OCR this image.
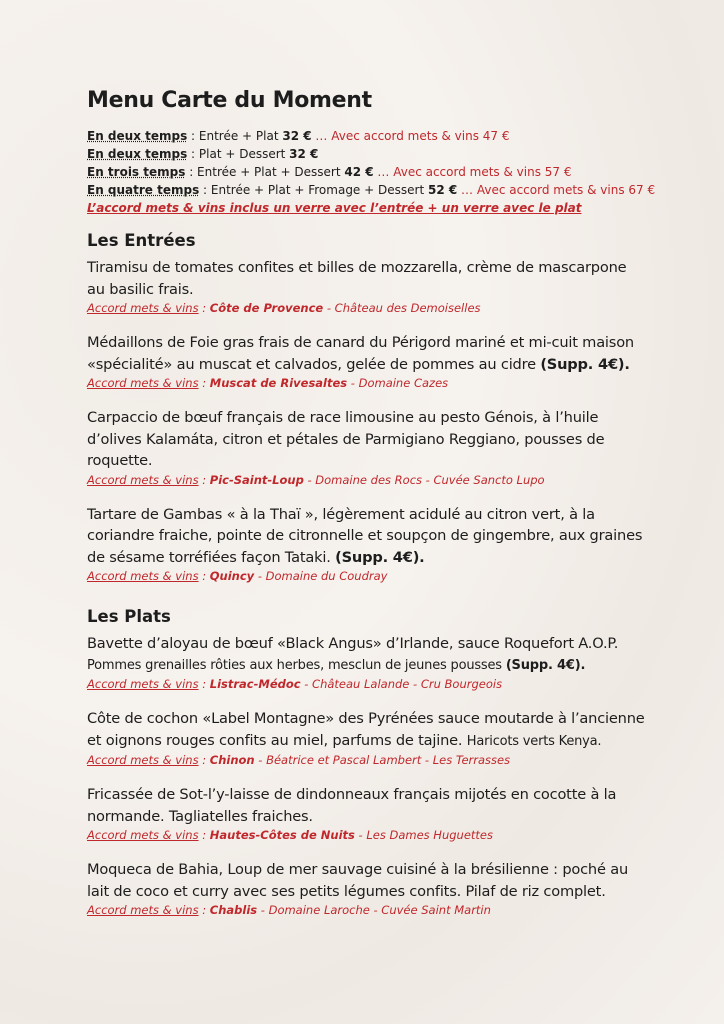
Menu Carte du Moment
En deux temps : Entrée + Plat 32 € … Avec accord mets & vins 47 €
En deux temps : Plat + Dessert 32 €
En trois temps : Entrée + Plat + Dessert 42 € … Avec accord mets & vins 57 €
En quatre temps : Entrée + Plat + Fromage + Dessert 52 € … Avec accord mets & vins 67 €
L’accord mets & vins inclus un verre avec l’entrée + un verre avec le plat
Les Entrées
Tiramisu de tomates confites et billes de mozzarella, crème de mascarpone au basilic frais.
Accord mets & vins : Côte de Provence - Château des Demoiselles
Médaillons de Foie gras frais de canard du Périgord mariné et mi-cuit maison «spécialité» au muscat et calvados, gelée de pommes au cidre (Supp. 4€).
Accord mets & vins : Muscat de Rivesaltes - Domaine Cazes
Carpaccio de bœuf français de race limousine au pesto Génois, à l’huile d’olives Kalamáta, citron et pétales de Parmigiano Reggiano, pousses de roquette.
Accord mets & vins : Pic-Saint-Loup - Domaine des Rocs - Cuvée Sancto Lupo
Tartare de Gambas « à la Thaï », légèrement acidulé au citron vert, à la coriandre fraiche, pointe de citronnelle et soupçon de gingembre, aux graines de sésame torréfiées façon Tataki. (Supp. 4€).
Accord mets & vins : Quincy - Domaine du Coudray
Les Plats
Bavette d’aloyau de bœuf «Black Angus» d’Irlande, sauce Roquefort A.O.P.
Pommes grenailles rôties aux herbes, mesclun de jeunes pousses (Supp. 4€).
Accord mets & vins : Listrac-Médoc - Château Lalande - Cru Bourgeois
Côte de cochon «Label Montagne» des Pyrénées sauce moutarde à l’ancienne et oignons rouges confits au miel, parfums de tajine. Haricots verts Kenya.
Accord mets & vins : Chinon - Béatrice et Pascal Lambert - Les Terrasses
Fricassée de Sot-l’y-laisse de dindonneaux français mijotés en cocotte à la normande. Tagliatelles fraiches.
Accord mets & vins : Hautes-Côtes de Nuits - Les Dames Huguettes
Moqueca de Bahia, Loup de mer sauvage cuisiné à la brésilienne : poché au lait de coco et curry avec ses petits légumes confits. Pilaf de riz complet.
Accord mets & vins : Chablis - Domaine Laroche - Cuvée Saint Martin
